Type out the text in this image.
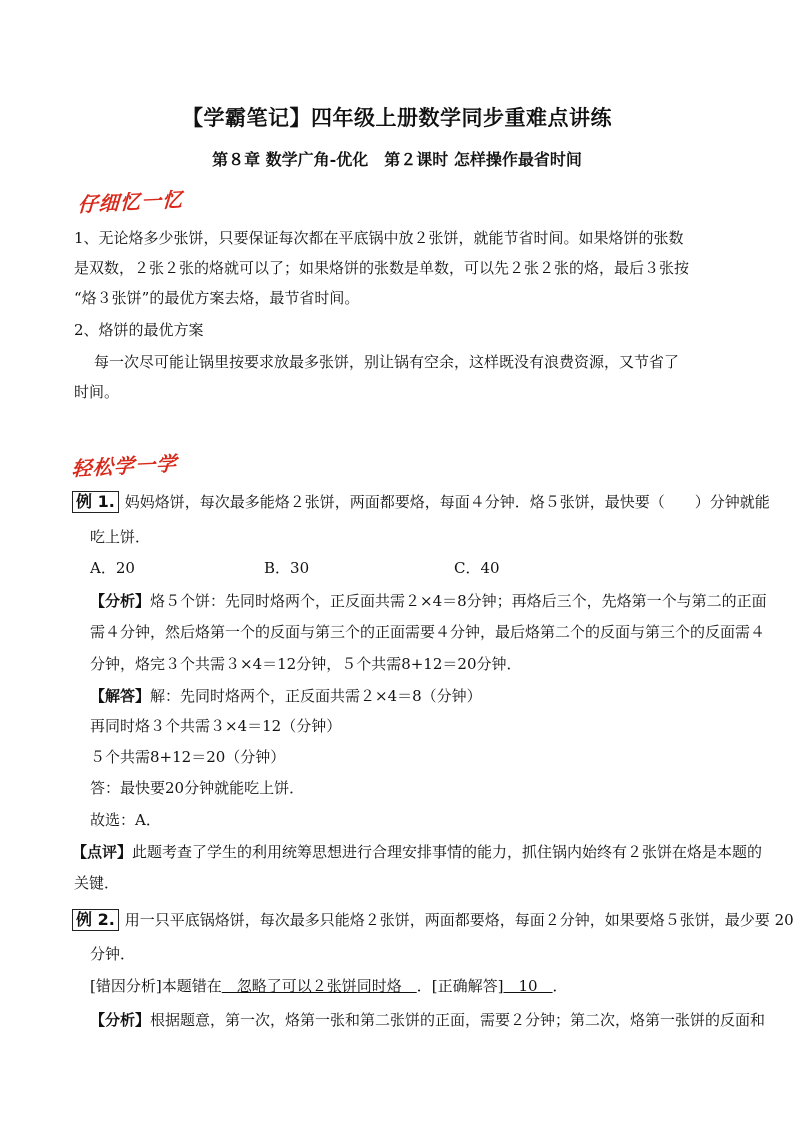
【学霸笔记】四年级上册数学同步重难点讲练
第８章 数学广角-优化　第２课时 怎样操作最省时间
仔细忆一忆
1、无论烙多少张饼，只要保证每次都在平底锅中放２张饼，就能节省时间。如果烙饼的张数
是双数，２张２张的烙就可以了；如果烙饼的张数是单数，可以先２张２张的烙，最后３张按
“烙３张饼”的最优方案去烙，最节省时间。
2、烙饼的最优方案
每一次尽可能让锅里按要求放最多张饼，别让锅有空余，这样既没有浪费资源，又节省了
时间。
轻松学一学
例 1. 妈妈烙饼，每次最多能烙２张饼，两面都要烙，每面４分钟．烙５张饼，最快要（　　）分钟就能
吃上饼．
A．20	B．30	C．40
【分析】烙５个饼：先同时烙两个，正反面共需２×4＝8分钟；再烙后三个，先烙第一个与第二的正面
需４分钟，然后烙第一个的反面与第三个的正面需要４分钟，最后烙第二个的反面与第三个的反面需４
分钟，烙完３个共需３×4＝12分钟，５个共需8+12＝20分钟．
【解答】解：先同时烙两个，正反面共需２×4＝8（分钟）
再同时烙３个共需３×4＝12（分钟）
５个共需8+12＝20（分钟）
答：最快要20分钟就能吃上饼．
故选：A．
【点评】此题考查了学生的利用统筹思想进行合理安排事情的能力，抓住锅内始终有２张饼在烙是本题的
关键．
例 2. 用一只平底锅烙饼，每次最多只能烙２张饼，两面都要烙，每面２分钟，如果要烙５张饼，最少要 20
分钟．
[错因分析]本题错在　忽略了可以２张饼同时烙　．[正确解答]　10　．
【分析】根据题意，第一次，烙第一张和第二张饼的正面，需要２分钟；第二次，烙第一张饼的反面和
